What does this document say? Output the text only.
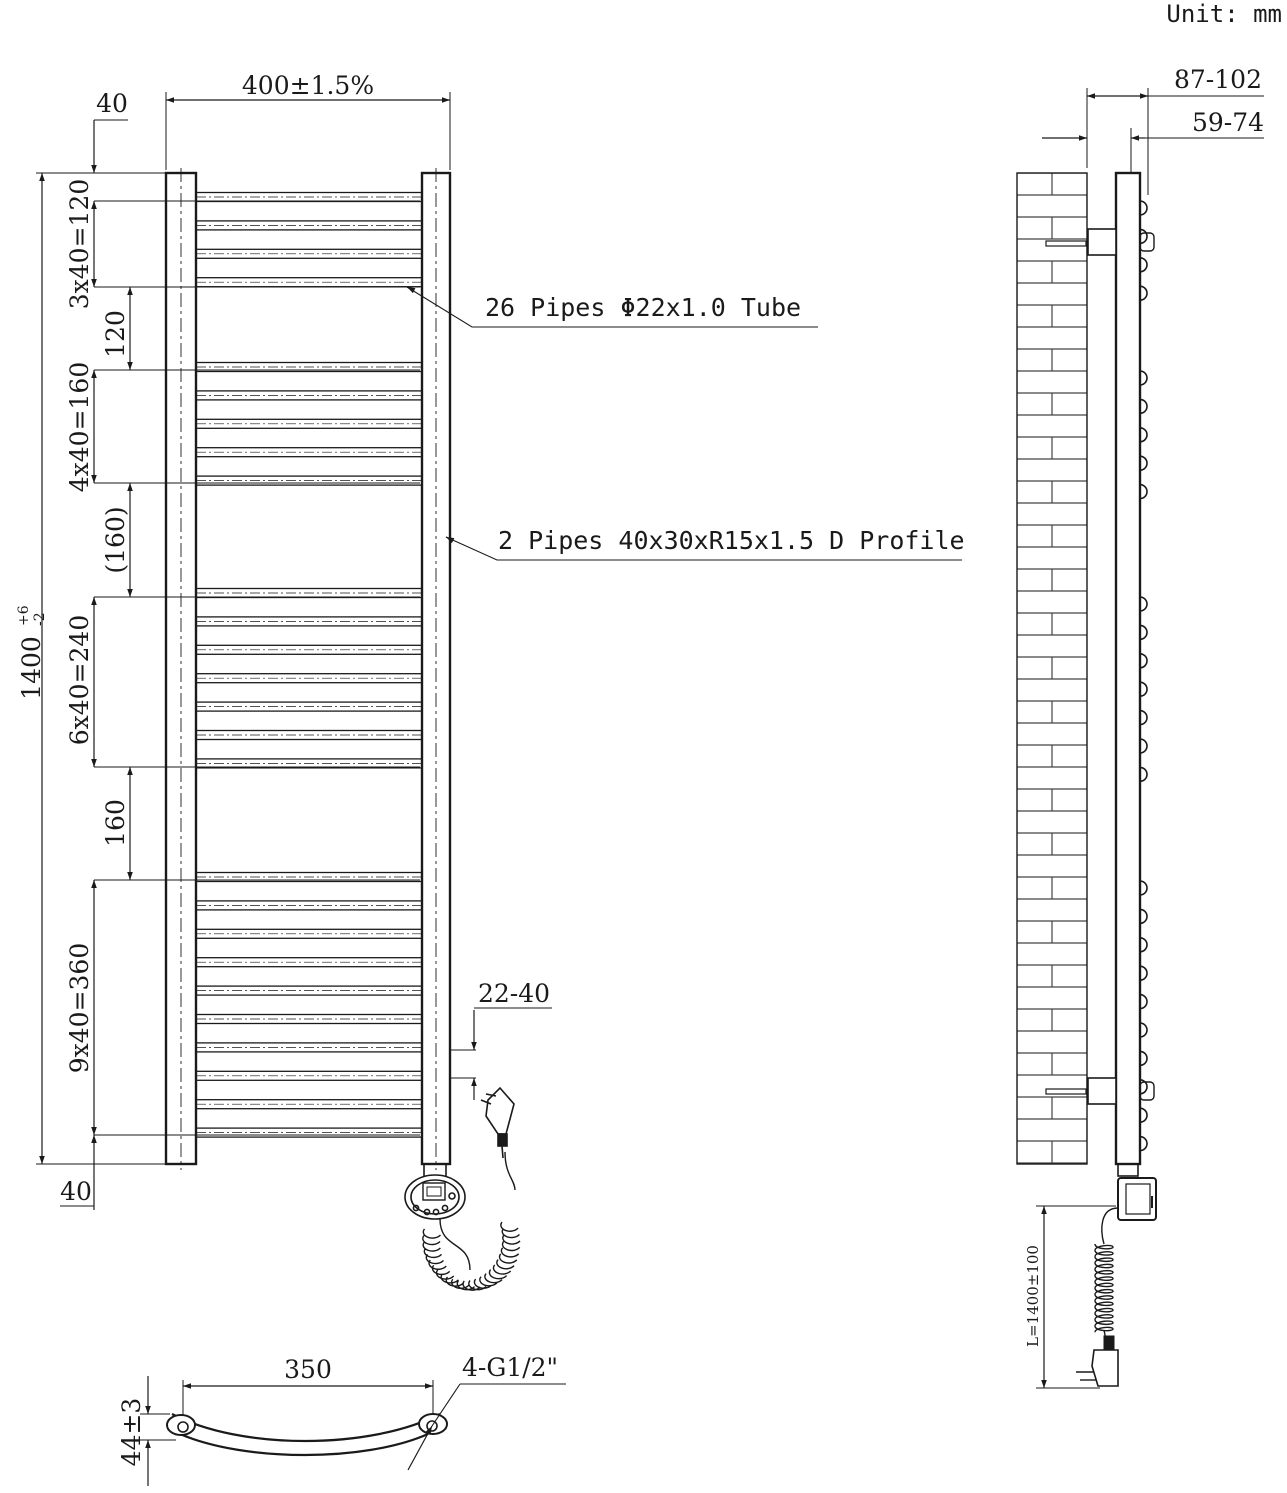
Unit: mm
400±1.5%
40
40
1400
+6 -2
3x40=120
120
4x40=160
(160)
6x40=240
160
9x40=360
26 Pipes Φ22x1.0 Tube
2 Pipes 40x30xR15x1.5 D Profile
22-40
87-102
59-74
L=1400±100
350	4-G1/2"
44±3
